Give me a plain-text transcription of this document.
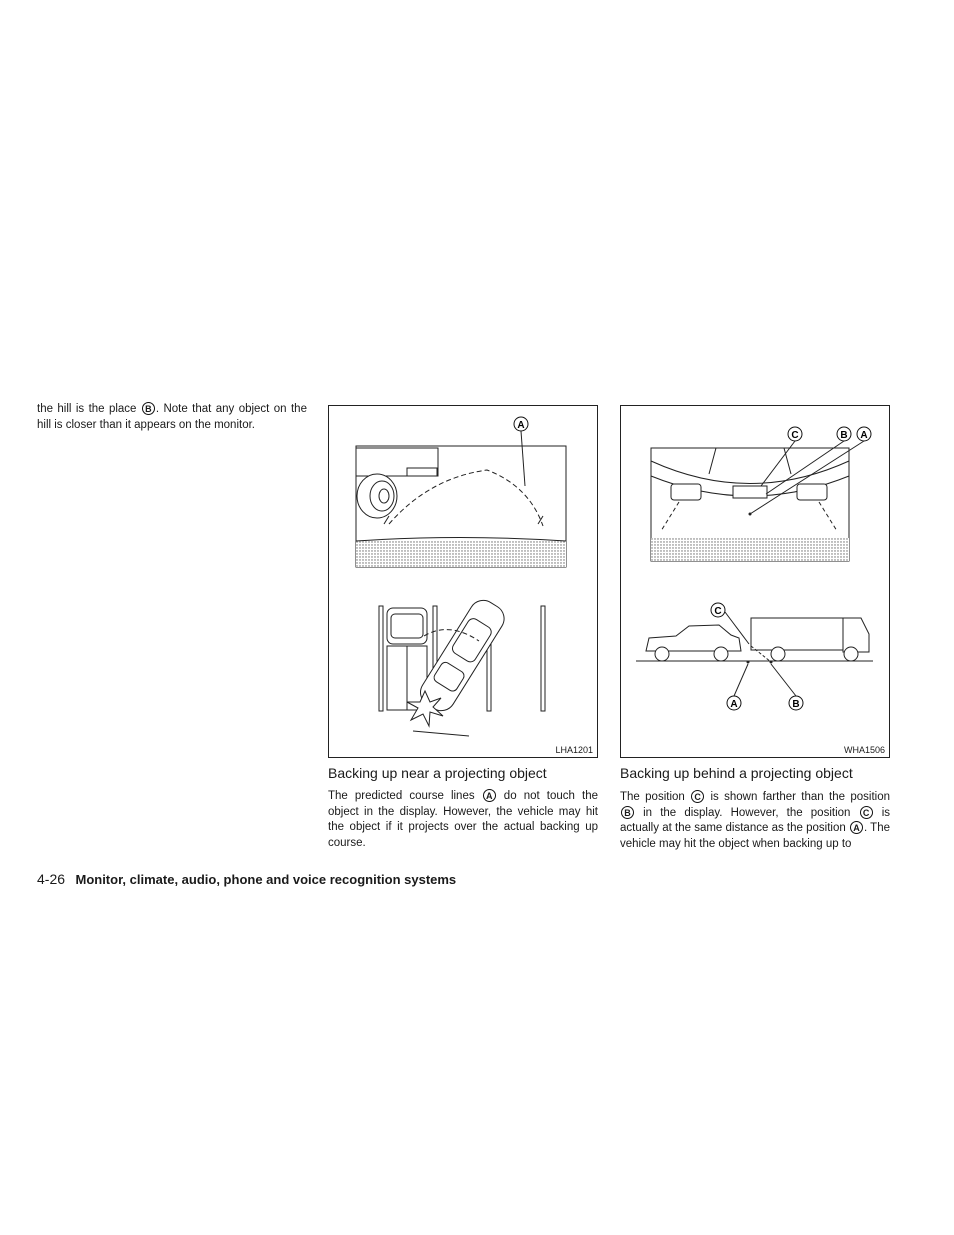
the hill is the place B . Note that any object on the hill is closer than it appears on the monitor.	A
LHA1201
Backing up near a projecting object
The predicted course lines A do not touch the object in the display. However, the vehicle may hit the object if it projects over the actual backing up course.
C	B A
C
A	B
WHA1506
Backing up behind a projecting object
The position C is shown farther than the position B in the display. However, the position C is actually at the same distance as the position A . The vehicle may hit the object when backing up to
4-26 Monitor, climate, audio, phone and voice recognition systems
